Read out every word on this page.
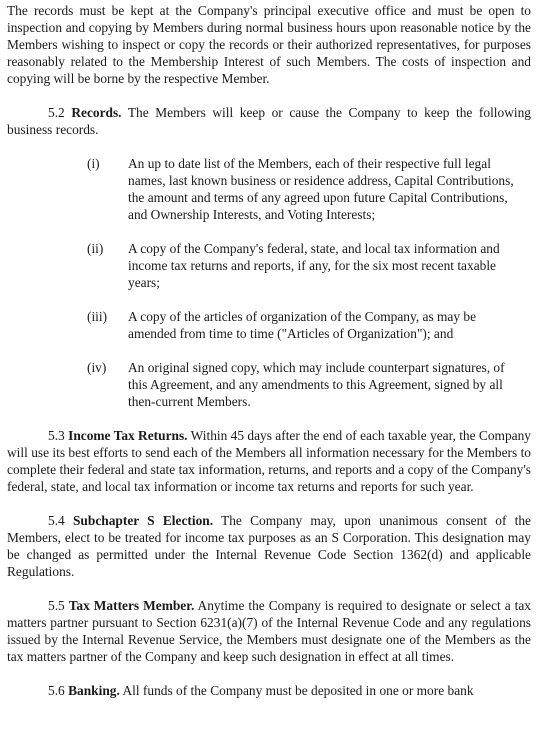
The records must be kept at the Company's principal executive office and must be open to inspection and copying by Members during normal business hours upon reasonable notice by the Members wishing to inspect or copy the records or their authorized representatives, for purposes reasonably related to the Membership Interest of such Members. The costs of inspection and copying will be borne by the respective Member.

5.2 Records. The Members will keep or cause the Company to keep the following business records.

(i)	An up to date list of the Members, each of their respective full legal names, last known business or residence address, Capital Contributions, the amount and terms of any agreed upon future Capital Contributions, and Ownership Interests, and Voting Interests;
(ii)	A copy of the Company's federal, state, and local tax information and income tax returns and reports, if any, for the six most recent taxable years;
(iii)	A copy of the articles of organization of the Company, as may be amended from time to time ("Articles of Organization"); and
(iv)	An original signed copy, which may include counterpart signatures, of this Agreement, and any amendments to this Agreement, signed by all then-current Members.

5.3 Income Tax Returns. Within 45 days after the end of each taxable year, the Company will use its best efforts to send each of the Members all information necessary for the Members to complete their federal and state tax information, returns, and reports and a copy of the Company's federal, state, and local tax information or income tax returns and reports for such year.

5.4 Subchapter S Election. The Company may, upon unanimous consent of the Members, elect to be treated for income tax purposes as an S Corporation. This designation may be changed as permitted under the Internal Revenue Code Section 1362(d) and applicable Regulations.

5.5 Tax Matters Member. Anytime the Company is required to designate or select a tax matters partner pursuant to Section 6231(a)(7) of the Internal Revenue Code and any regulations issued by the Internal Revenue Service, the Members must designate one of the Members as the tax matters partner of the Company and keep such designation in effect at all times.

5.6 Banking. All funds of the Company must be deposited in one or more bank
